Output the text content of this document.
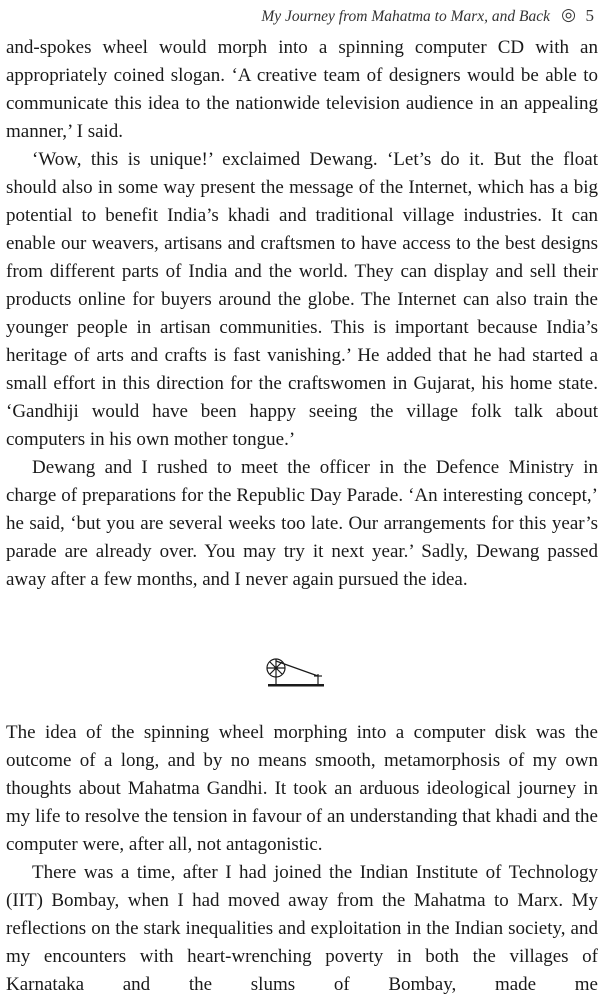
My Journey from Mahatma to Marx, and Back ◎ 5

and-spokes wheel would morph into a spinning computer CD with an appropriately coined slogan. ‘A creative team of designers would be able to communicate this idea to the nationwide television audience in an appealing manner,’ I said.

‘Wow, this is unique!’ exclaimed Dewang. ‘Let’s do it. But the float should also in some way present the message of the Internet, which has a big potential to benefit India’s khadi and traditional village industries. It can enable our weavers, artisans and craftsmen to have access to the best designs from different parts of India and the world. They can display and sell their products online for buyers around the globe. The Internet can also train the younger people in artisan communities. This is important because India’s heritage of arts and crafts is fast vanishing.’ He added that he had started a small effort in this direction for the craftswomen in Gujarat, his home state. ‘Gandhiji would have been happy seeing the village folk talk about computers in his own mother tongue.’

Dewang and I rushed to meet the officer in the Defence Ministry in charge of preparations for the Republic Day Parade. ‘An interesting concept,’ he said, ‘but you are several weeks too late. Our arrangements for this year’s parade are already over. You may try it next year.’ Sadly, Dewang passed away after a few months, and I never again pursued the idea.

The idea of the spinning wheel morphing into a computer disk was the outcome of a long, and by no means smooth, metamorphosis of my own thoughts about Mahatma Gandhi. It took an arduous ideological journey in my life to resolve the tension in favour of an understanding that khadi and the computer were, after all, not antagonistic.

There was a time, after I had joined the Indian Institute of Technology (IIT) Bombay, when I had moved away from the Mahatma to Marx. My reflections on the stark inequalities and exploitation in the Indian society, and my encounters with heart-wrenching poverty in both the villages of Karnataka and the slums of Bombay, made me
